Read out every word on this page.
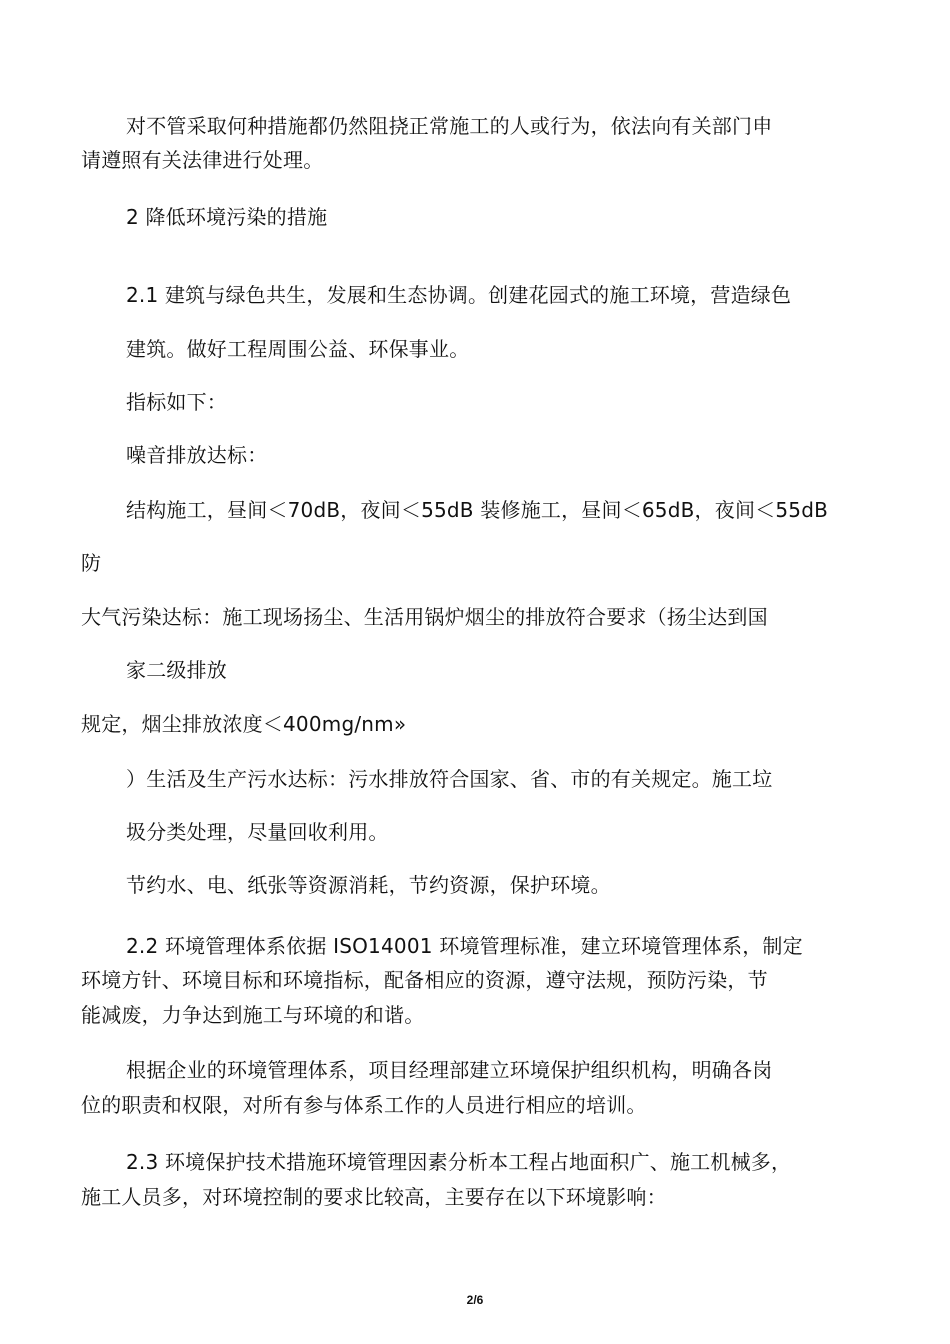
对不管采取何种措施都仍然阻挠正常施工的人或行为，依法向有关部门申
请遵照有关法律进行处理。
2 降低环境污染的措施
2.1 建筑与绿色共生，发展和生态协调。创建花园式的施工环境，营造绿色
建筑。做好工程周围公益、环保事业。
指标如下：
噪音排放达标：
结构施工，昼间＜70dB，夜间＜55dB 装修施工，昼间＜65dB，夜间＜55dB
防
大气污染达标：施工现场扬尘、生活用锅炉烟尘的排放符合要求（扬尘达到国
家二级排放
规定，烟尘排放浓度＜400mg/nm»
）生活及生产污水达标：污水排放符合国家、省、市的有关规定。施工垃
圾分类处理，尽量回收利用。
节约水、电、纸张等资源消耗，节约资源，保护环境。
2.2 环境管理体系依据 ISO14001 环境管理标准，建立环境管理体系，制定
环境方针、环境目标和环境指标，配备相应的资源，遵守法规，预防污染，节
能减废，力争达到施工与环境的和谐。
根据企业的环境管理体系，项目经理部建立环境保护组织机构，明确各岗
位的职责和权限，对所有参与体系工作的人员进行相应的培训。
2.3 环境保护技术措施环境管理因素分析本工程占地面积广、施工机械多，
施工人员多，对环境控制的要求比较高，主要存在以下环境影响：
2/6
